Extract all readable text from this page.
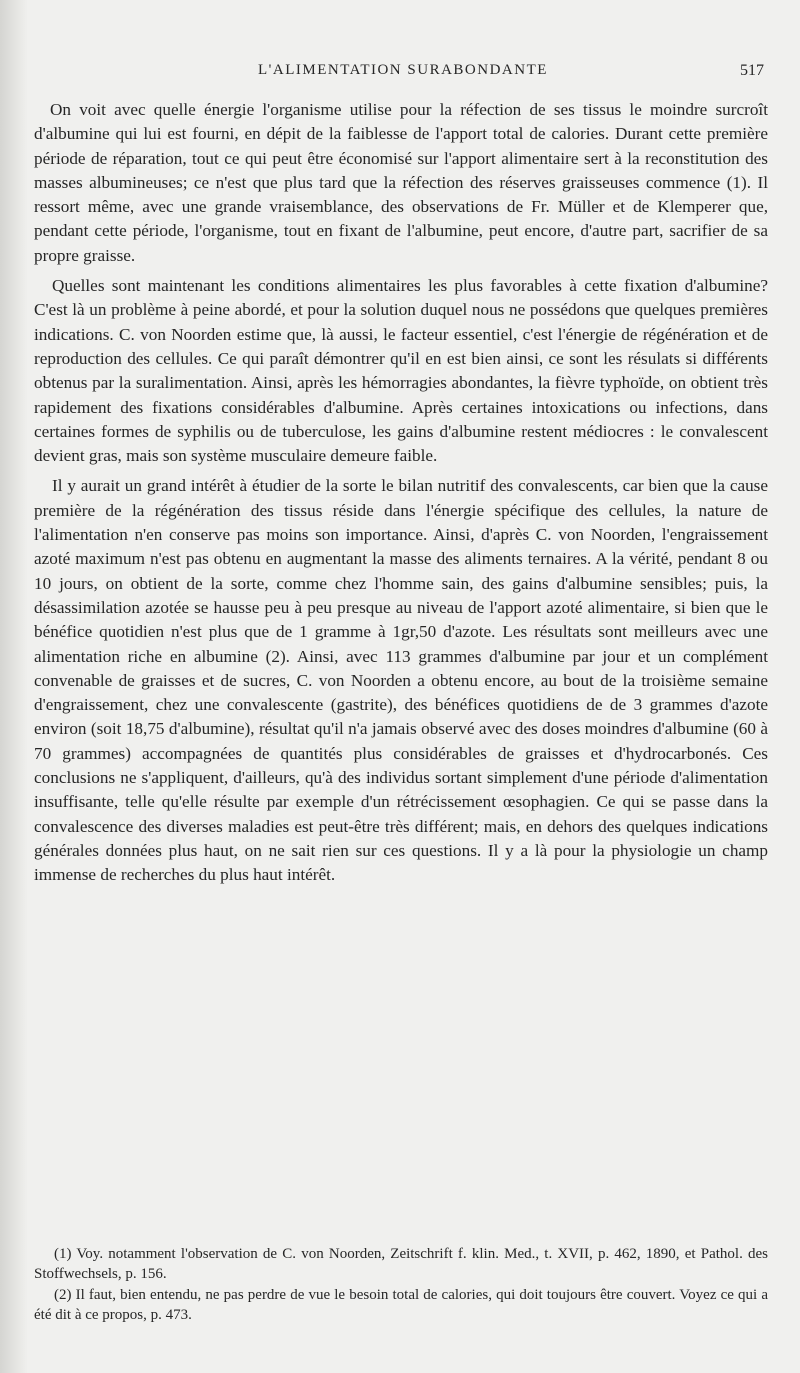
L'ALIMENTATION SURABONDANTE	517

On voit avec quelle énergie l'organisme utilise pour la réfection de ses tissus le moindre surcroît d'albumine qui lui est fourni, en dépit de la faiblesse de l'apport total de calories. Durant cette première période de réparation, tout ce qui peut être économisé sur l'apport alimentaire sert à la reconstitution des masses albumineuses; ce n'est que plus tard que la réfection des réserves graisseuses commence (1). Il ressort même, avec une grande vraisemblance, des observations de Fr. Müller et de Klemperer que, pendant cette période, l'organisme, tout en fixant de l'albumine, peut encore, d'autre part, sacrifier de sa propre graisse.

Quelles sont maintenant les conditions alimentaires les plus favorables à cette fixation d'albumine? C'est là un problème à peine abordé, et pour la solution duquel nous ne possédons que quelques premières indications. C. von Noorden estime que, là aussi, le facteur essentiel, c'est l'énergie de régénération et de reproduction des cellules. Ce qui paraît démontrer qu'il en est bien ainsi, ce sont les résulats si différents obtenus par la suralimentation. Ainsi, après les hémorragies abondantes, la fièvre typhoïde, on obtient très rapidement des fixations considérables d'albumine. Après certaines intoxications ou infections, dans certaines formes de syphilis ou de tuberculose, les gains d'albumine restent médiocres : le convalescent devient gras, mais son système musculaire demeure faible.

Il y aurait un grand intérêt à étudier de la sorte le bilan nutritif des convalescents, car bien que la cause première de la régénération des tissus réside dans l'énergie spécifique des cellules, la nature de l'alimentation n'en conserve pas moins son importance. Ainsi, d'après C. von Noorden, l'engraissement azoté maximum n'est pas obtenu en augmentant la masse des aliments ternaires. A la vérité, pendant 8 ou 10 jours, on obtient de la sorte, comme chez l'homme sain, des gains d'albumine sensibles; puis, la désassimilation azotée se hausse peu à peu presque au niveau de l'apport azoté alimentaire, si bien que le bénéfice quotidien n'est plus que de 1 gramme à 1gr,50 d'azote. Les résultats sont meilleurs avec une alimentation riche en albumine (2). Ainsi, avec 113 grammes d'albumine par jour et un complément convenable de graisses et de sucres, C. von Noorden a obtenu encore, au bout de la troisième semaine d'engraissement, chez une convalescente (gastrite), des bénéfices quotidiens de de 3 grammes d'azote environ (soit 18,75 d'albumine), résultat qu'il n'a jamais observé avec des doses moindres d'albumine (60 à 70 grammes) accompagnées de quantités plus considérables de graisses et d'hydrocarbonés. Ces conclusions ne s'appliquent, d'ailleurs, qu'à des individus sortant simplement d'une période d'alimentation insuffisante, telle qu'elle résulte par exemple d'un rétrécissement œsophagien. Ce qui se passe dans la convalescence des diverses maladies est peut-être très différent; mais, en dehors des quelques indications générales données plus haut, on ne sait rien sur ces questions. Il y a là pour la physiologie un champ immense de recherches du plus haut intérêt.

(1) Voy. notamment l'observation de C. von Noorden, Zeitschrift f. klin. Med., t. XVII, p. 462, 1890, et Pathol. des Stoffwechsels, p. 156.

(2) Il faut, bien entendu, ne pas perdre de vue le besoin total de calories, qui doit toujours être couvert. Voyez ce qui a été dit à ce propos, p. 473.
